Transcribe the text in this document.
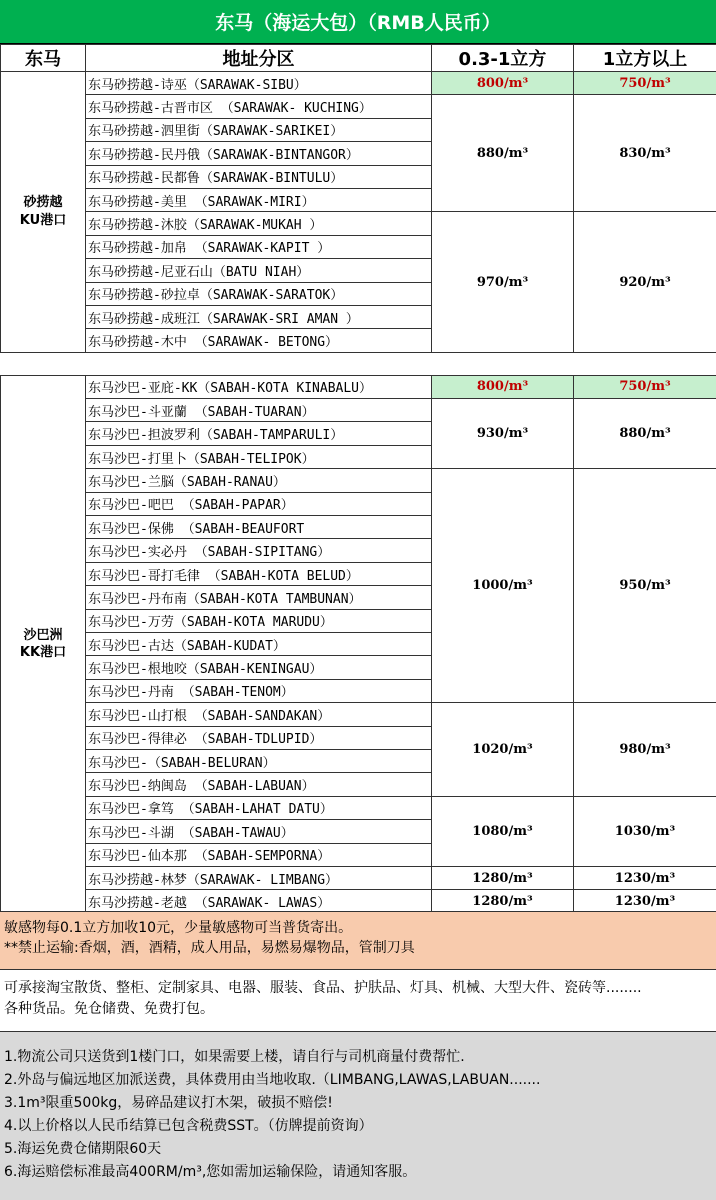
东马（海运大包）（RMB人民币）
东马	地址分区	0.3-1立方	1立方以上
砂捞越
KU港口	东马砂捞越-诗巫（SARAWAK-SIBU）	800/m³	750/m³
	东马砂捞越-古晋市区 （SARAWAK- KUCHING）	880/m³	830/m³
	东马砂捞越-泗里街（SARAWAK-SARIKEI）		
	东马砂捞越-民丹俄（SARAWAK-BINTANGOR）		
	东马砂捞越-民都鲁（SARAWAK-BINTULU）		
	东马砂捞越-美里 （SARAWAK-MIRI）		
	东马砂捞越-沐胶（SARAWAK-MUKAH ）	970/m³	920/m³
	东马砂捞越-加帛 （SARAWAK-KAPIT ）		
	东马砂捞越-尼亚石山（BATU NIAH）		
	东马砂捞越-砂拉卓（SARAWAK-SARATOK）		
	东马砂捞越-成班江（SARAWAK-SRI AMAN ）		
	东马砂捞越-木中 （SARAWAK- BETONG）		

沙巴洲
KK港口	东马沙巴-亚庇-KK（SABAH-KOTA KINABALU）	800/m³	750/m³
	东马沙巴-斗亚蘭 （SABAH-TUARAN）	930/m³	880/m³
	东马沙巴-担波罗利（SABAH-TAMPARULI）		
	东马沙巴-打里卜（SABAH-TELIPOK）		
	东马沙巴-兰脳（SABAH-RANAU）	1000/m³	950/m³
	东马沙巴-吧巴 （SABAH-PAPAR）		
	东马沙巴-保佛 （SABAH-BEAUFORT		
	东马沙巴-实必丹 （SABAH-SIPITANG）		
	东马沙巴-哥打毛律 （SABAH-KOTA BELUD）		
	东马沙巴-丹布南（SABAH-KOTA TAMBUNAN）		
	东马沙巴-万劳（SABAH-KOTA MARUDU）		
	东马沙巴-古达（SABAH-KUDAT）		
	东马沙巴-根地咬（SABAH-KENINGAU）		
	东马沙巴-丹南 （SABAH-TENOM）		
	东马沙巴-山打根 （SABAH-SANDAKAN）	1020/m³	980/m³
	东马沙巴-得律必 （SABAH-TDLUPID）		
	东马沙巴-（SABAH-BELURAN）		
	东马沙巴-纳闽岛 （SABAH-LABUAN）		
	东马沙巴-拿笃 （SABAH-LAHAT DATU）	1080/m³	1030/m³
	东马沙巴-斗湖 （SABAH-TAWAU）		
	东马沙巴-仙本那 （SABAH-SEMPORNA）		
	东马沙捞越-林梦（SARAWAK- LIMBANG）	1280/m³	1230/m³
	东马沙捞越-老越 （SARAWAK- LAWAS）	1280/m³	1230/m³
敏感物每0.1立方加收10元，少量敏感物可当普货寄出。
**禁止运输:香烟，酒，酒精，成人用品，易燃易爆物品，管制刀具
可承接淘宝散货、整柜、定制家具、电器、服装、食品、护肤品、灯具、机械、大型大件、瓷砖等........
各种货品。免仓储费、免费打包。
1.物流公司只送货到1楼门口，如果需要上楼，请自行与司机商量付费帮忙.
2.外岛与偏远地区加派送费，具体费用由当地收取.（LIMBANG,LAWAS,LABUAN.......
3.1m³限重500kg，易碎品建议打木架，破损不赔偿!
4.以上价格以人民币结算已包含税费SST。（仿牌提前资询）
5.海运免费仓储期限60天
6.海运赔偿标准最高400RM/m³,您如需加运输保险，请通知客服。
